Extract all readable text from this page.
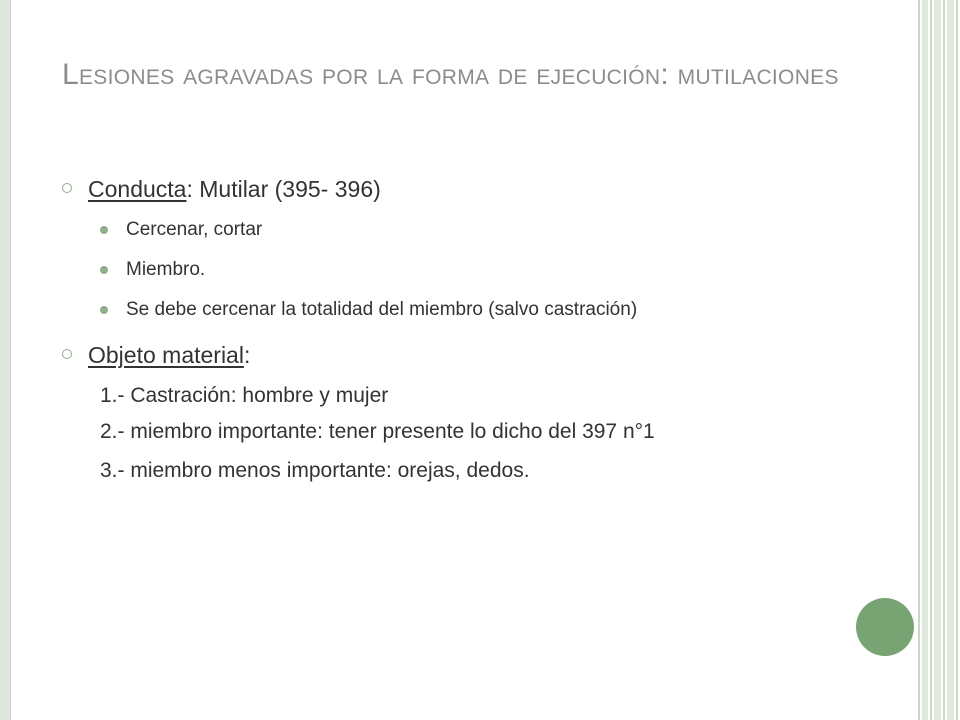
Lesiones agravadas por la forma de ejecución: mutilaciones
Conducta: Mutilar (395- 396)
Cercenar, cortar
Miembro.
Se debe cercenar la totalidad del miembro (salvo castración)
Objeto material:
1.- Castración: hombre y mujer
2.- miembro importante: tener presente lo dicho del 397 n°1
3.- miembro menos importante: orejas, dedos.
